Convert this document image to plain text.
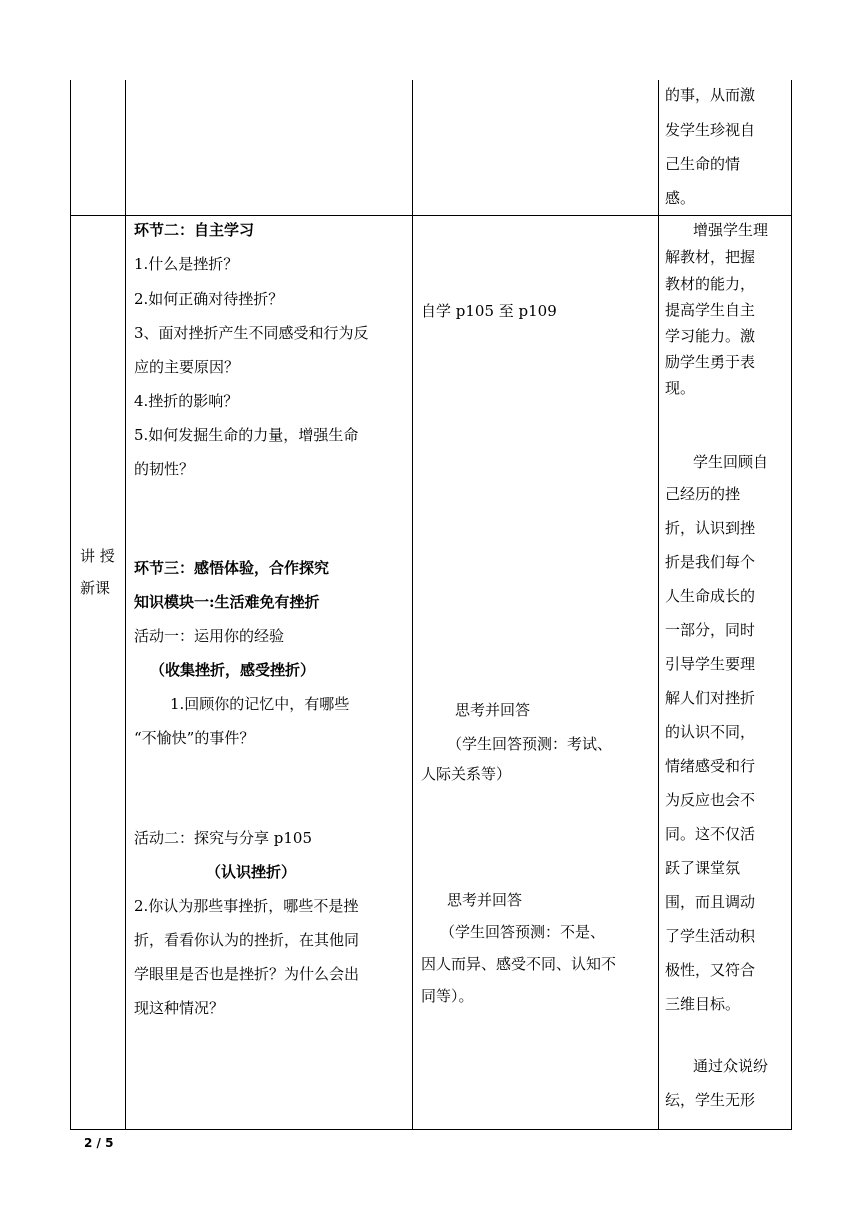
的事，从而激
发学生珍视自
己生命的情
感。
讲 授
新课
环节二：自主学习
1.什么是挫折？
2.如何正确对待挫折？
3、面对挫折产生不同感受和行为反
应的主要原因？
4.挫折的影响？
5.如何发掘生命的力量，增强生命
的韧性？
环节三：感悟体验，合作探究
知识模块一:生活难免有挫折
活动一：运用你的经验
（收集挫折，感受挫折）
1.回顾你的记忆中，有哪些
“不愉快”的事件？
活动二：探究与分享 p105
（认识挫折）
2.你认为那些事挫折，哪些不是挫
折，看看你认为的挫折，在其他同
学眼里是否也是挫折？为什么会出
现这种情况？
自学 p105 至 p109
思考并回答
（学生回答预测：考试、
人际关系等）
思考并回答
（学生回答预测：不是、
因人而异、感受不同、认知不
同等）。
增强学生理
解教材，把握
教材的能力，
提高学生自主
学习能力。激
励学生勇于表
现。
学生回顾自
己经历的挫
折，认识到挫
折是我们每个
人生命成长的
一部分，同时
引导学生要理
解人们对挫折
的认识不同，
情绪感受和行
为反应也会不
同。这不仅活
跃了课堂氛
围，而且调动
了学生活动积
极性，又符合
三维目标。
通过众说纷
纭，学生无形
2 / 5
